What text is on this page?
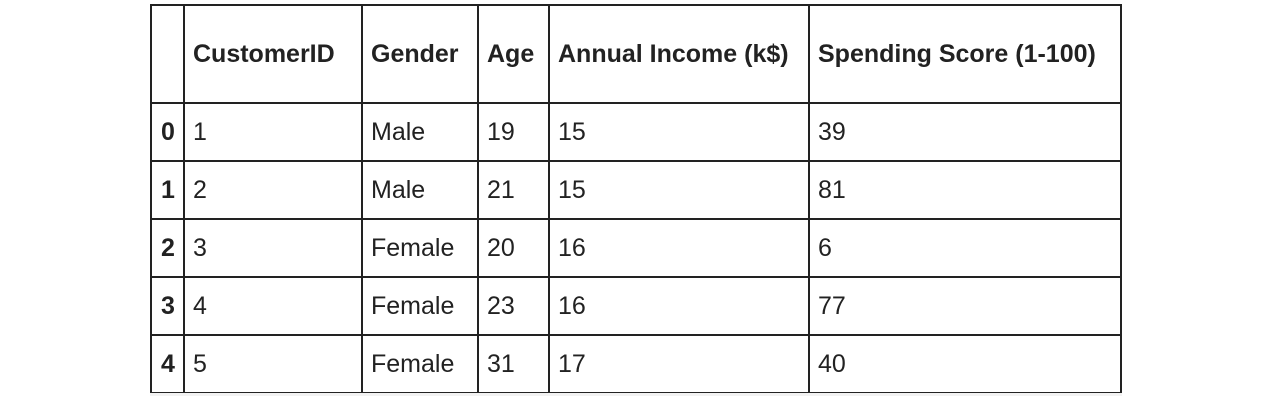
	CustomerID	Gender	Age	Annual Income (k$)	Spending Score (1-100)
0	1	Male	19	15	39
1	2	Male	21	15	81
2	3	Female	20	16	6
3	4	Female	23	16	77
4	5	Female	31	17	40
